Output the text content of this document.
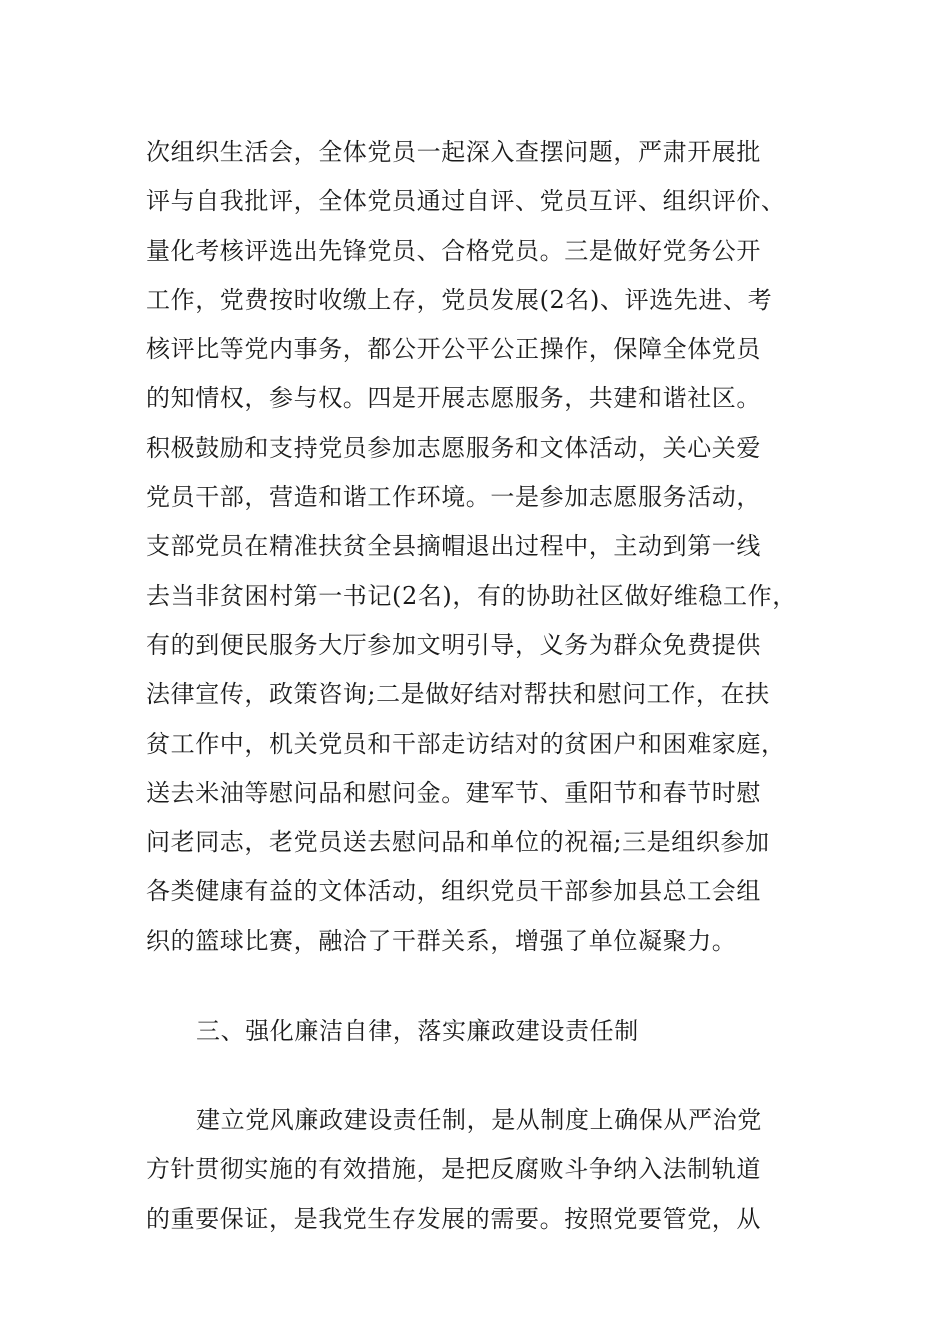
次组织生活会，全体党员一起深入查摆问题，严肃开展批
评与自我批评，全体党员通过自评、党员互评、组织评价、
量化考核评选出先锋党员、合格党员。三是做好党务公开
工作，党费按时收缴上存，党员发展(2名)、评选先进、考
核评比等党内事务，都公开公平公正操作，保障全体党员
的知情权，参与权。四是开展志愿服务，共建和谐社区。
积极鼓励和支持党员参加志愿服务和文体活动，关心关爱
党员干部，营造和谐工作环境。一是参加志愿服务活动，
支部党员在精准扶贫全县摘帽退出过程中，主动到第一线
去当非贫困村第一书记(2名)，有的协助社区做好维稳工作，
有的到便民服务大厅参加文明引导，义务为群众免费提供
法律宣传，政策咨询;二是做好结对帮扶和慰问工作，在扶
贫工作中，机关党员和干部走访结对的贫困户和困难家庭，
送去米油等慰问品和慰问金。建军节、重阳节和春节时慰
问老同志，老党员送去慰问品和单位的祝福;三是组织参加
各类健康有益的文体活动，组织党员干部参加县总工会组
织的篮球比赛，融洽了干群关系，增强了单位凝聚力。
三、强化廉洁自律，落实廉政建设责任制
建立党风廉政建设责任制，是从制度上确保从严治党
方针贯彻实施的有效措施，是把反腐败斗争纳入法制轨道
的重要保证，是我党生存发展的需要。按照党要管党，从
